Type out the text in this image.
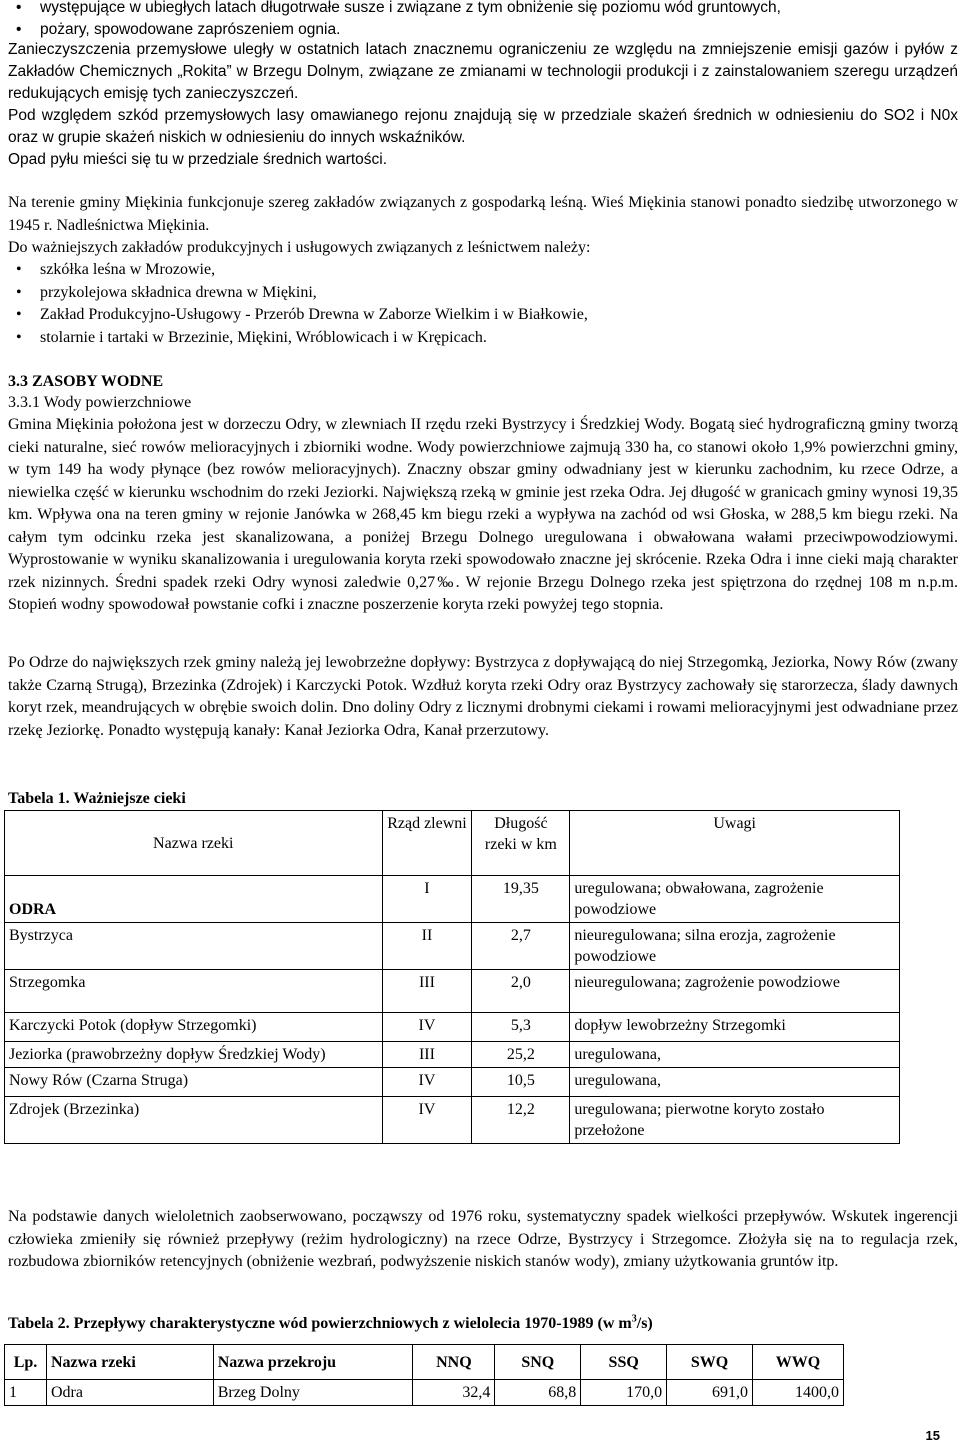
• występujące w ubiegłych latach długotrwałe susze i związane z tym obniżenie się poziomu wód gruntowych,
• pożary, spowodowane zaprószeniem ognia.

Zanieczyszczenia przemysłowe uległy w ostatnich latach znacznemu ograniczeniu ze względu na zmniejszenie emisji gazów i pyłów z Zakładów Chemicznych „Rokita” w Brzegu Dolnym, związane ze zmianami w technologii produkcji i z zainstalowaniem szeregu urządzeń redukujących emisję tych zanieczyszczeń.

Pod względem szkód przemysłowych lasy omawianego rejonu znajdują się w przedziale skażeń średnich w odniesieniu do SO2 i N0x oraz w grupie skażeń niskich w odniesieniu do innych wskaźników.

Opad pyłu mieści się tu w przedziale średnich wartości.

Na terenie gminy Miękinia funkcjonuje szereg zakładów związanych z gospodarką leśną. Wieś Miękinia stanowi ponadto siedzibę utworzonego w 1945 r. Nadleśnictwa Miękinia.

Do ważniejszych zakładów produkcyjnych i usługowych związanych z leśnictwem należy:

• szkółka leśna w Mrozowie,
• przykolejowa składnica drewna w Miękini,
• Zakład Produkcyjno-Usługowy - Przerób Drewna w Zaborze Wielkim i w Białkowie,
• stolarnie i tartaki w Brzezinie, Miękini, Wróblowicach i w Krępicach.

3.3 ZASOBY WODNE

3.3.1 Wody powierzchniowe

Gmina Miękinia położona jest w dorzeczu Odry, w zlewniach II rzędu rzeki Bystrzycy i Średzkiej Wody. Bogatą sieć hydrograficzną gminy tworzą cieki naturalne, sieć rowów melioracyjnych i zbiorniki wodne. Wody powierzchniowe zajmują 330 ha, co stanowi około 1,9% powierzchni gminy, w tym 149 ha wody płynące (bez rowów melioracyjnych). Znaczny obszar gminy odwadniany jest w kierunku zachodnim, ku rzece Odrze, a niewielka część w kierunku wschodnim do rzeki Jeziorki. Największą rzeką w gminie jest rzeka Odra. Jej długość w granicach gminy wynosi 19,35 km. Wpływa ona na teren gminy w rejonie Janówka w 268,45 km biegu rzeki a wypływa na zachód od wsi Głoska, w 288,5 km biegu rzeki. Na całym tym odcinku rzeka jest skanalizowana, a poniżej Brzegu Dolnego uregulowana i obwałowana wałami przeciwpowodziowymi. Wyprostowanie w wyniku skanalizowania i uregulowania koryta rzeki spowodowało znaczne jej skrócenie. Rzeka Odra i inne cieki mają charakter rzek nizinnych. Średni spadek rzeki Odry wynosi zaledwie 0,27‰. W rejonie Brzegu Dolnego rzeka jest spiętrzona do rzędnej 108 m n.p.m. Stopień wodny spowodował powstanie cofki i znaczne poszerzenie koryta rzeki powyżej tego stopnia.

Po Odrze do największych rzek gminy należą jej lewobrzeżne dopływy: Bystrzyca z dopływającą do niej Strzegomką, Jeziorka, Nowy Rów (zwany także Czarną Strugą), Brzezinka (Zdrojek) i Karczycki Potok. Wzdłuż koryta rzeki Odry oraz Bystrzycy zachowały się starorzecza, ślady dawnych koryt rzek, meandrujących w obrębie swoich dolin. Dno doliny Odry z licznymi drobnymi ciekami i rowami melioracyjnymi jest odwadniane przez rzekę Jeziorkę. Ponadto występują kanały: Kanał Jeziorka Odra, Kanał przerzutowy.

Tabela 1. Ważniejsze cieki

Nazwa rzeki	Rząd zlewni	Długość rzeki w km	Uwagi
ODRA	I	19,35	uregulowana; obwałowana, zagrożenie powodziowe
Bystrzyca	II	2,7	nieuregulowana; silna erozja, zagrożenie powodziowe
Strzegomka	III	2,0	nieuregulowana; zagrożenie powodziowe
Karczycki Potok (dopływ Strzegomki)	IV	5,3	dopływ lewobrzeżny Strzegomki
Jeziorka (prawobrzeżny dopływ Średzkiej Wody)	III	25,2	uregulowana,
Nowy Rów (Czarna Struga)	IV	10,5	uregulowana,
Zdrojek (Brzezinka)	IV	12,2	uregulowana; pierwotne koryto zostało przełożone

Na podstawie danych wieloletnich zaobserwowano, począwszy od 1976 roku, systematyczny spadek wielkości przepływów. Wskutek ingerencji człowieka zmieniły się również przepływy (reżim hydrologiczny) na rzece Odrze, Bystrzycy i Strzegomce. Złożyła się na to regulacja rzek, rozbudowa zbiorników retencyjnych (obniżenie wezbrań, podwyższenie niskich stanów wody), zmiany użytkowania gruntów itp.

Tabela 2. Przepływy charakterystyczne wód powierzchniowych z wielolecia 1970-1989 (w $m^3/s$)

Lp.	Nazwa rzeki	Nazwa przekroju	NNQ	SNQ	SSQ	SWQ	WWQ
1	Odra	Brzeg Dolny	32,4	68,8	170,0	691,0	1400,0
15
